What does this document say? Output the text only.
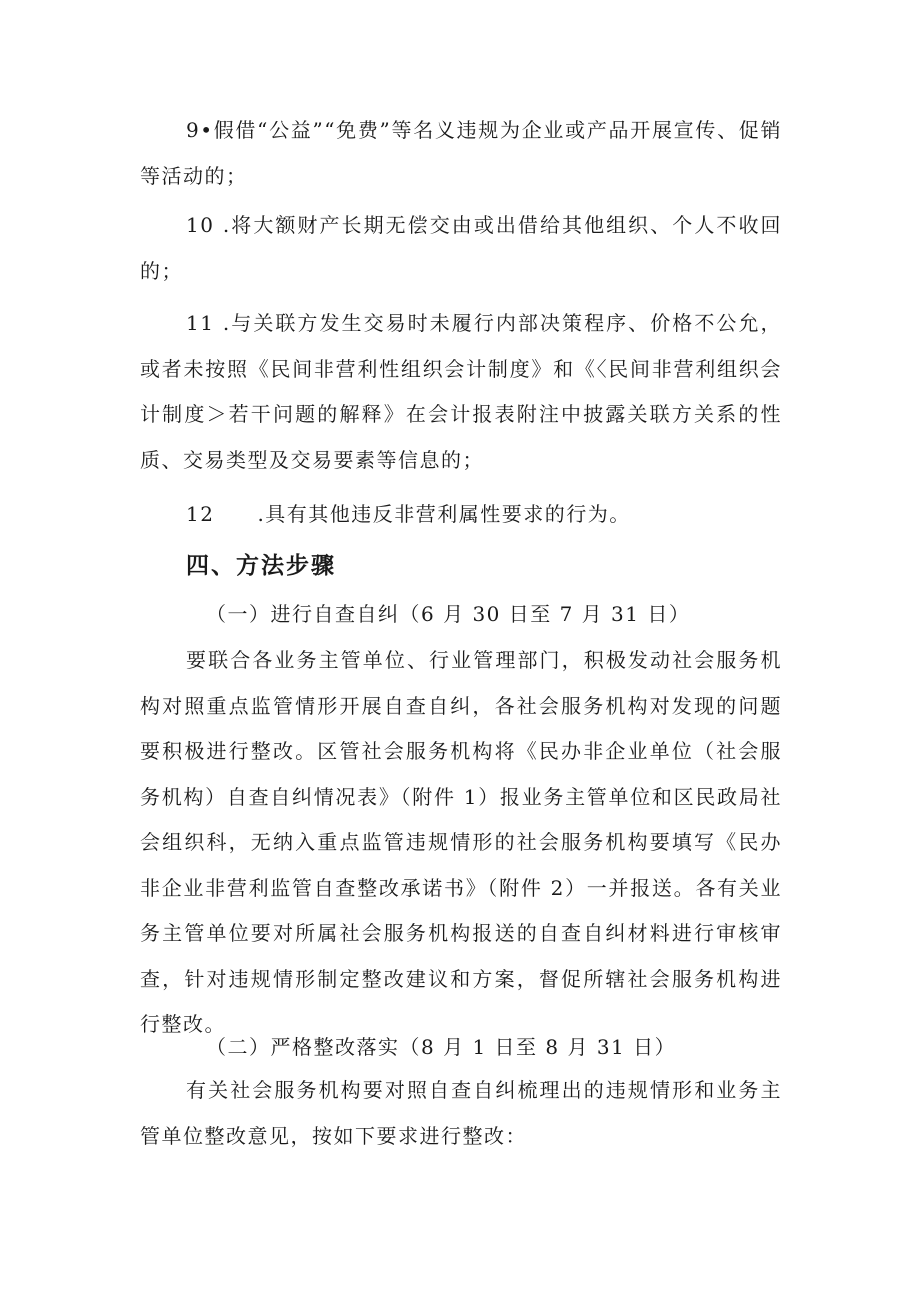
9•假借“公益”“免费”等名义违规为企业或产品开展宣传、促销等活动的；

10 .将大额财产长期无偿交由或出借给其他组织、个人不收回的；

11 .与关联方发生交易时未履行内部决策程序、价格不公允，或者未按照《民间非营利性组织会计制度》和《〈民间非营利组织会计制度＞若干问题的解释》在会计报表附注中披露关联方关系的性质、交易类型及交易要素等信息的；

12　　.具有其他违反非营利属性要求的行为。

四、方法步骤

（一）进行自查自纠（6 月 30 日至 7 月 31 日）

要联合各业务主管单位、行业管理部门，积极发动社会服务机构对照重点监管情形开展自查自纠，各社会服务机构对发现的问题要积极进行整改。区管社会服务机构将《民办非企业单位（社会服务机构）自查自纠情况表》（附件 1）报业务主管单位和区民政局社会组织科，无纳入重点监管违规情形的社会服务机构要填写《民办非企业非营利监管自查整改承诺书》（附件 2）一并报送。各有关业务主管单位要对所属社会服务机构报送的自查自纠材料进行审核审查，针对违规情形制定整改建议和方案，督促所辖社会服务机构进行整改。

（二）严格整改落实（8 月 1 日至 8 月 31 日）

有关社会服务机构要对照自查自纠梳理出的违规情形和业务主管单位整改意见，按如下要求进行整改：
